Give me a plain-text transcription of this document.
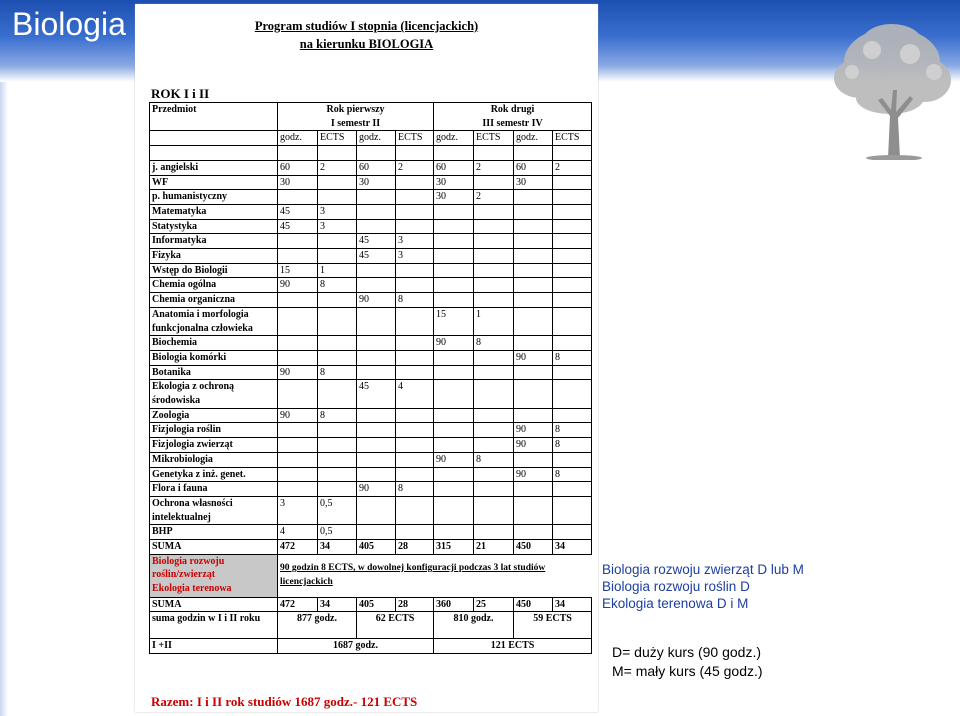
Biologia	Program studiów I stopnia (licencjackich)
na kierunku BIOLOGIA
ROK I i II
Przedmiot	Rok pierwszy				Rok drugi			
	I semestr II				III semestr IV			
	godz.	ECTS	godz.	ECTS	godz.	ECTS	godz.	ECTS

j. angielski	60	2	60	2	60	2	60	2
WF	30		30		30		30	
p. humanistyczny					30	2		
Matematyka	45	3						
Statystyka	45	3						
Informatyka			45	3				
Fizyka			45	3				
Wstęp do Biologii	15	1						
Chemia ogólna	90	8						
Chemia organiczna			90	8				
Anatomia i morfologia funkcjonalna człowieka					15	1		
Biochemia					90	8		
Biologia komórki							90	8
Botanika	90	8						
Ekologia z ochroną środowiska			45	4				
Zoologia	90	8						
Fizjologia roślin							90	8
Fizjologia zwierząt							90	8
Mikrobiologia					90	8		
Genetyka z inż. genet.							90	8
Flora i fauna			90	8				
Ochrona własności intelektualnej	3	0,5						
BHP	4	0,5						
SUMA	472	34	405	28	315	21	450	34

Biologia rozwoju
roślin/zwierząt
Ekologia terenowa	90 godzin 8 ECTS, w dowolnej konfiguracji podczas 3 lat studiów licencjackich							
SUMA	472	34	405	28	360	25	450	34
suma godzin w I i II roku	877 godz.		62 ECTS		810 godz.		59 ECTS	
I +II	1687 godz.				121 ECTS			
Razem: I i II rok studiów 1687 godz.- 121 ECTS
Biologia rozwoju zwierząt D lub M
Biologia rozwoju roślin D
Ekologia terenowa D i M
D= duży kurs (90 godz.)
M= mały kurs (45 godz.)
